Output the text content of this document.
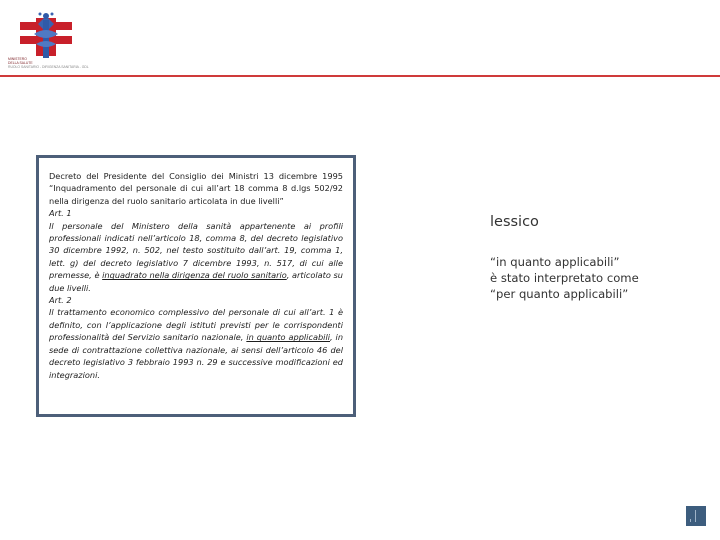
MINISTERO
DELLA SALUTE
RUOLO SANITARIO - DIRIGENZA SANITARIA - GDL

Decreto del Presidente del Consiglio dei Ministri 13 dicembre 1995 “Inquadramento del personale di cui all’art 18 comma 8 d.lgs 502/92 nella dirigenza del ruolo sanitario articolata in due livelli”

Art. 1

Il personale del Ministero della sanità appartenente ai profili professionali indicati nell’articolo 18, comma 8, del decreto legislativo 30 dicembre 1992, n. 502, nel testo sostituito dall’art. 19, comma 1, lett. g) del decreto legislativo 7 dicembre 1993, n. 517, di cui alle premesse, è inquadrato nella dirigenza del ruolo sanitario, articolato su due livelli.

Art. 2

Il trattamento economico complessivo del personale di cui all’art. 1 è definito, con l’applicazione degli istituti previsti per le corrispondenti professionalità del Servizio sanitario nazionale, in quanto applicabili, in sede di contrattazione collettiva nazionale, ai sensi dell’articolo 46 del decreto legislativo 3 febbraio 1993 n. 29 e successive modificazioni ed integrazioni.

lessico
“in quanto applicabili”
è stato interpretato come
“per quanto applicabili”
